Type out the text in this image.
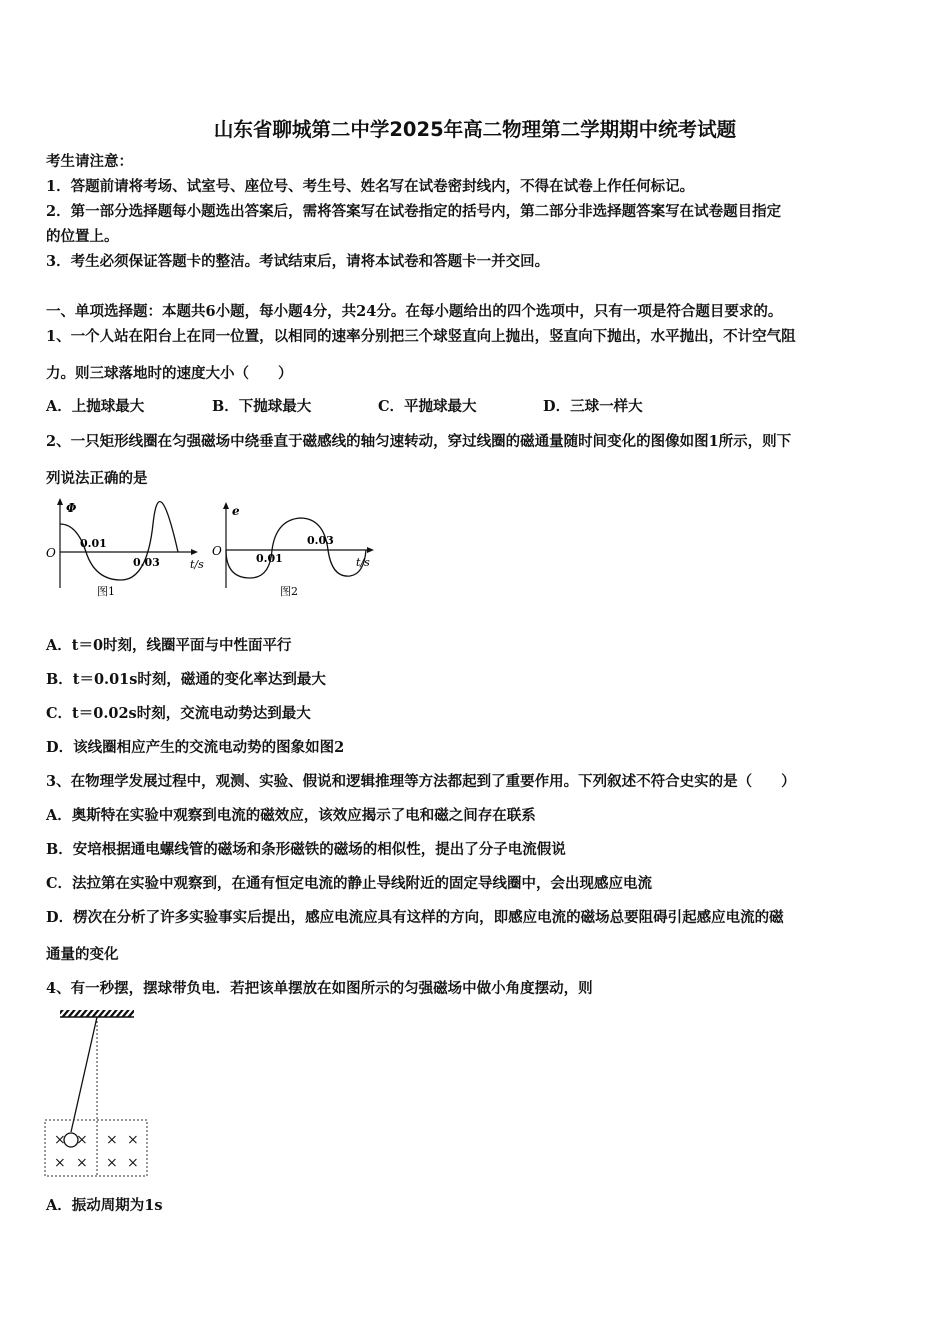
山东省聊城第二中学2025年高二物理第二学期期中统考试题
考生请注意：
1．答题前请将考场、试室号、座位号、考生号、姓名写在试卷密封线内，不得在试卷上作任何标记。
2．第一部分选择题每小题选出答案后，需将答案写在试卷指定的括号内，第二部分非选择题答案写在试卷题目指定
的位置上。
3．考生必须保证答题卡的整洁。考试结束后，请将本试卷和答题卡一并交回。
一、单项选择题：本题共6小题，每小题4分，共24分。在每小题给出的四个选项中，只有一项是符合题目要求的。
1、一个人站在阳台上在同一位置，以相同的速率分别把三个球竖直向上抛出，竖直向下抛出，水平抛出，不计空气阻
力。则三球落地时的速度大小（　　）
A．上抛球最大	B．下抛球最大	C．平抛球最大	D．三球一样大
2、一只矩形线圈在匀强磁场中绕垂直于磁感线的轴匀速转动，穿过线圈的磁通量随时间变化的图像如图1所示，则下
列说法正确的是
Φ
O
0.01
0.03	t/s
图1
e
O
0.01
0.03
t/s
图2
A．t＝0时刻，线圈平面与中性面平行
B．t＝0.01s时刻，磁通的变化率达到最大
C．t＝0.02s时刻，交流电动势达到最大
D．该线圈相应产生的交流电动势的图象如图2
3、在物理学发展过程中，观测、实验、假说和逻辑推理等方法都起到了重要作用。下列叙述不符合史实的是（　　）
A．奥斯特在实验中观察到电流的磁效应，该效应揭示了电和磁之间存在联系
B．安培根据通电螺线管的磁场和条形磁铁的磁场的相似性，提出了分子电流假说
C．法拉第在实验中观察到，在通有恒定电流的静止导线附近的固定导线圈中，会出现感应电流
D．楞次在分析了许多实验事实后提出，感应电流应具有这样的方向，即感应电流的磁场总要阻碍引起感应电流的磁
通量的变化
4、有一秒摆，摆球带负电．若把该单摆放在如图所示的匀强磁场中做小角度摆动，则
× × × ×
× × × ×
A．振动周期为1s
